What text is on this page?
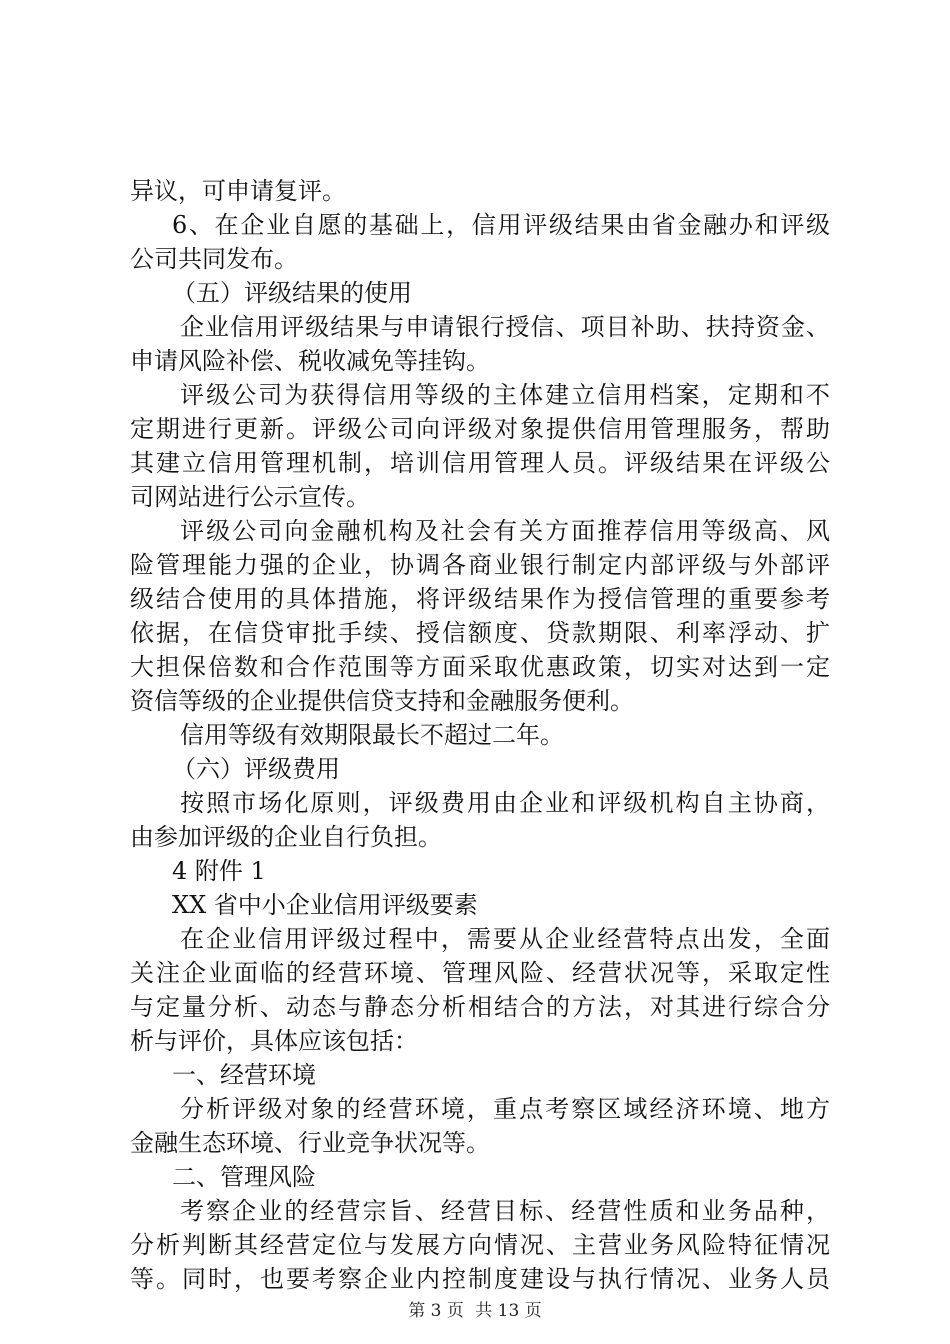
异议，可申请复评。
6、在企业自愿的基础上，信用评级结果由省金融办和评级
公司共同发布。
（五）评级结果的使用
企业信用评级结果与申请银行授信、项目补助、扶持资金、
申请风险补偿、税收减免等挂钩。
评级公司为获得信用等级的主体建立信用档案，定期和不
定期进行更新。评级公司向评级对象提供信用管理服务，帮助
其建立信用管理机制，培训信用管理人员。评级结果在评级公
司网站进行公示宣传。
评级公司向金融机构及社会有关方面推荐信用等级高、风
险管理能力强的企业，协调各商业银行制定内部评级与外部评
级结合使用的具体措施，将评级结果作为授信管理的重要参考
依据，在信贷审批手续、授信额度、贷款期限、利率浮动、扩
大担保倍数和合作范围等方面采取优惠政策，切实对达到一定
资信等级的企业提供信贷支持和金融服务便利。
信用等级有效期限最长不超过二年。
（六）评级费用
按照市场化原则，评级费用由企业和评级机构自主协商，
由参加评级的企业自行负担。
4 附件 1
XX 省中小企业信用评级要素
在企业信用评级过程中，需要从企业经营特点出发，全面
关注企业面临的经营环境、管理风险、经营状况等，采取定性
与定量分析、动态与静态分析相结合的方法，对其进行综合分
析与评价，具体应该包括：
一、经营环境
分析评级对象的经营环境，重点考察区域经济环境、地方
金融生态环境、行业竞争状况等。
二、管理风险
考察企业的经营宗旨、经营目标、经营性质和业务品种，
分析判断其经营定位与发展方向情况、主营业务风险特征情况
等。同时，也要考察企业内控制度建设与执行情况、业务人员
第 3 页 共 13 页
